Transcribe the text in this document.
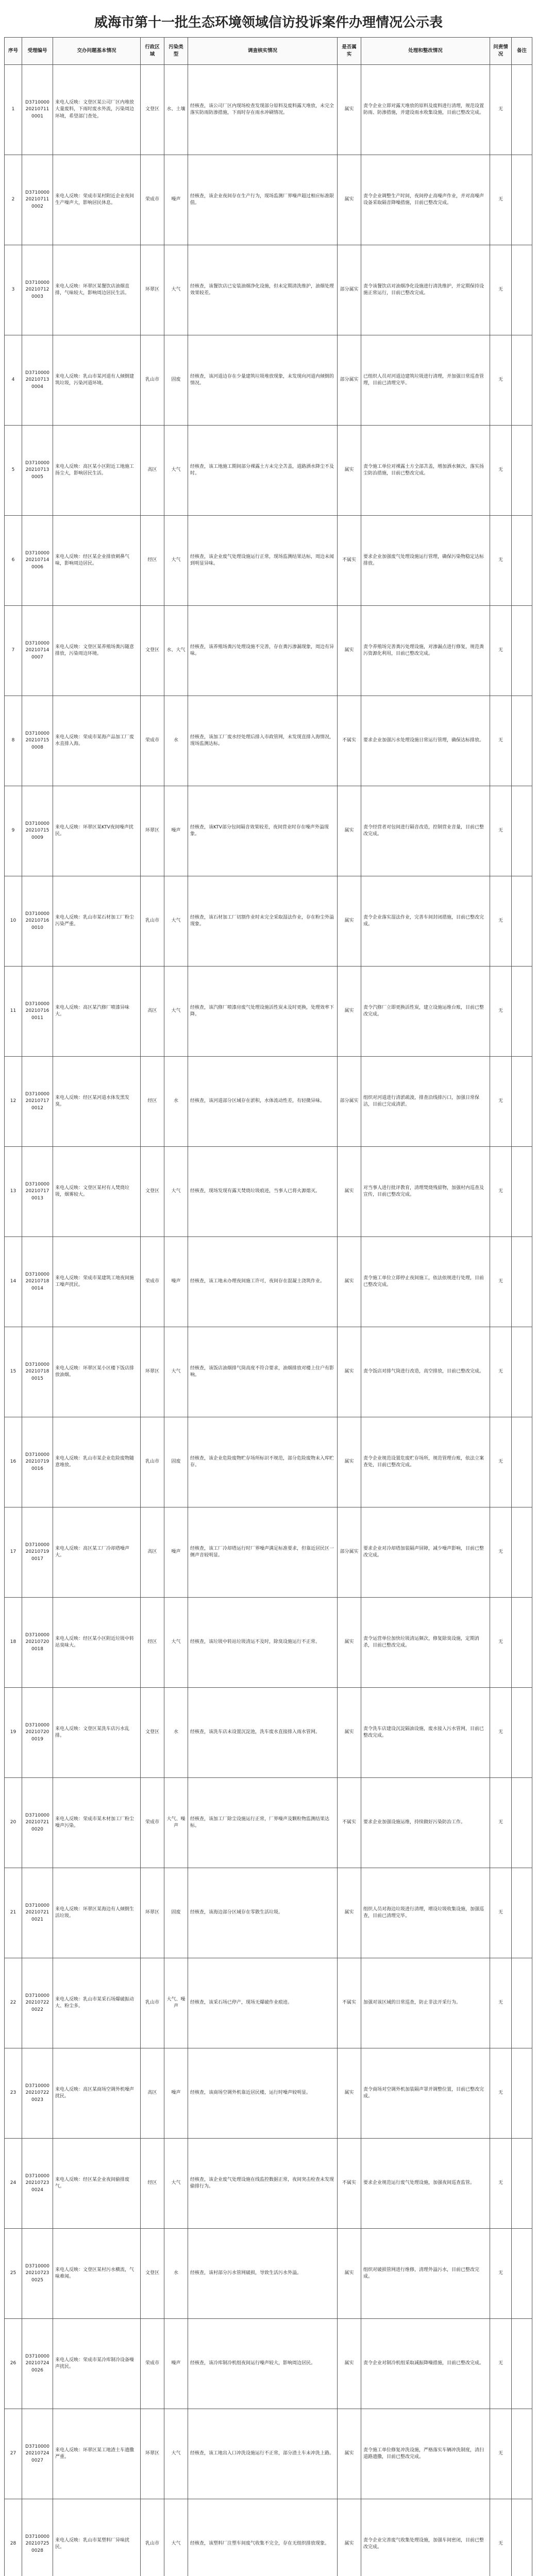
威海市第十一批生态环境领域信访投诉案件办理情况公示表
序号	受理编号	交办问题基本情况	行政区域	污染类型	调查核实情况	是否属实	处理和整改情况	问责情况	备注
1	D3710000202107110001	来电人反映：文登区某公司厂区内堆放大量废料，下雨时废水外流，污染周边环境，希望部门查处。	文登区	水、土壤	经核查，该公司厂区内现场检查发现部分原料及废料露天堆放，未完全落实防雨防渗措施，下雨时存在雨水冲刷情况。	属实	责令企业立即对露天堆放的原料及废料进行清理，规范设置防雨、防渗措施，并建设雨水收集设施，目前已整改完成。	无	
2	D3710000202107110002	来电人反映：荣成市某村附近企业夜间生产噪声大，影响居民休息。	荣成市	噪声	经核查，该企业夜间存在生产行为，现场监测厂界噪声超过相应标准限值。	属实	责令企业调整生产时间，夜间停止高噪声作业，并对高噪声设备采取隔音降噪措施，目前已整改完成。	无	
3	D3710000202107120003	来电人反映：环翠区某餐饮店油烟直排，气味较大，影响周边居民生活。	环翠区	大气	经核查，该餐饮店已安装油烟净化设施，但未定期清洗维护，油烟处理效果较差。	部分属实	责令该餐饮店对油烟净化设施进行清洗维护，并定期保持设施正常运行，目前已整改完成。	无	
4	D3710000202107130004	来电人反映：乳山市某河道有人倾倒建筑垃圾，污染河道环境。	乳山市	固废	经核查，该河道边存在少量建筑垃圾堆放现象，未发现向河道内倾倒的情况。	部分属实	已组织人员对河道边建筑垃圾进行清理，并加强日常巡查管理，目前已清理完毕。	无	
5	D3710000202107130005	来电人反映：高区某小区附近工地施工扬尘大，影响居民生活。	高区	大气	经核查，该工地施工期间部分裸露土方未完全苫盖，道路洒水降尘不及时。	属实	责令施工单位对裸露土方全部苫盖，增加洒水频次，落实扬尘防治措施，目前已整改完成。	无	
6	D3710000202107140006	来电人反映：经区某企业排放刺鼻气味，影响周边居民。	经区	大气	经核查，该企业废气处理设施运行正常，现场监测结果达标，周边未闻到明显异味。	不属实	要求企业加强废气处理设施运行管理，确保污染物稳定达标排放。	无	
7	D3710000202107140007	来电人反映：文登区某养殖场粪污随意排放，污染周边环境。	文登区	水、大气	经核查，该养殖场粪污处理设施不完善，存在粪污渗漏现象，周边有异味。	属实	责令养殖场完善粪污处理设施，对渗漏点进行修复，规范粪污资源化利用，目前已整改完成。	无	
8	D3710000202107150008	来电人反映：荣成市某海产品加工厂废水直排入海。	荣成市	水	经核查，该加工厂废水经处理后排入市政管网，未发现直排入海情况，现场监测达标。	不属实	要求企业加强污水处理设施日常运行管理，确保达标排放。	无	
9	D3710000202107150009	来电人反映：环翠区某KTV夜间噪声扰民。	环翠区	噪声	经核查，该KTV部分包间隔音效果较差，夜间营业时存在噪声外溢现象。	属实	责令经营者对包间进行隔音改造，控制营业音量，目前已整改完成。	无	
10	D3710000202107160010	来电人反映：乳山市某石材加工厂粉尘污染严重。	乳山市	大气	经核查，该石材加工厂切割作业时未完全采取湿法作业，存在粉尘外溢现象。	属实	责令企业落实湿法作业，完善车间封闭措施，目前已整改完成。	无	
11	D3710000202107160011	来电人反映：高区某汽修厂喷漆异味大。	高区	大气	经核查，该汽修厂喷漆房废气处理设施活性炭未及时更换，处理效率下降。	属实	责令汽修厂立即更换活性炭，建立设施运维台账，目前已整改完成。	无	
12	D3710000202107170012	来电人反映：经区某河道水体发黑发臭。	经区	水	经核查，该河道部分区域存在淤积，水体流动性差，有轻微异味。	部分属实	组织对河道进行清淤疏浚，排查沿线排污口，加强日常保洁，目前已完成清淤。	无	
13	D3710000202107170013	来电人反映：文登区某村有人焚烧垃圾，烟雾较大。	文登区	大气	经核查，现场发现有露天焚烧垃圾痕迹，当事人已将火源熄灭。	属实	对当事人进行批评教育，清理焚烧残留物，加强村内巡查及宣传，目前已整改完成。	无	
14	D3710000202107180014	来电人反映：荣成市某建筑工地夜间施工噪声扰民。	荣成市	噪声	经核查，该工地未办理夜间施工许可，夜间存在混凝土浇筑作业。	属实	责令施工单位立即停止夜间施工，依法依规进行处理，目前已整改完成。	无	
15	D3710000202107180015	来电人反映：环翠区某小区楼下饭店排放油烟。	环翠区	大气	经核查，该饭店油烟排气筒高度不符合要求，油烟排放对楼上住户有影响。	属实	责令饭店对排气筒进行改造，高空排放，目前已整改完成。	无	
16	D3710000202107190016	来电人反映：乳山市某企业危险废物随意堆放。	乳山市	固废	经核查，该企业危险废物贮存场所标识不规范，部分危险废物未入库贮存。	属实	责令企业规范设置危废贮存场所，规范管理台账，依法立案查处，目前已整改完成。	无	
17	D3710000202107190017	来电人反映：高区某工厂冷却塔噪声大。	高区	噪声	经核查，该工厂冷却塔运行时厂界噪声满足标准要求，但靠近居民区一侧声音较明显。	部分属实	要求企业对冷却塔加装隔声屏障，减少噪声影响，目前已整改完成。	无	
18	D3710000202107200018	来电人反映：经区某小区附近垃圾中转站臭味大。	经区	大气	经核查，该垃圾中转站垃圾清运不及时，除臭设施运行不正常。	属实	责令运营单位加快垃圾清运频次，修复除臭设施，定期消杀，目前已整改完成。	无	
19	D3710000202107200019	来电人反映：文登区某洗车店污水乱排。	文登区	水	经核查，该洗车店未设置沉淀池，洗车废水直接排入雨水管网。	属实	责令洗车店建设沉淀隔油设施，废水接入污水管网，目前已整改完成。	无	
20	D3710000202107210020	来电人反映：荣成市某木材加工厂粉尘噪声污染。	荣成市	大气、噪声	经核查，该加工厂除尘设施运行正常，厂界噪声及颗粒物监测结果达标。	不属实	要求企业加强设施运维，持续做好污染防治工作。	无	
21	D3710000202107210021	来电人反映：环翠区某海边有人倾倒生活垃圾。	环翠区	固废	经核查，该海边部分区域存在零散生活垃圾。	属实	组织人员对海边垃圾进行清理，增设垃圾收集设施，加强巡查，目前已清理完毕。	无	
22	D3710000202107220022	来电人反映：乳山市某采石场爆破振动大、粉尘多。	乳山市	大气、噪声	经核查，该采石场已停产，现场无爆破作业痕迹。	不属实	加强对该区域的日常巡查，防止非法开采行为。	无	
23	D3710000202107220023	来电人反映：高区某商场空调外机噪声扰民。	高区	噪声	经核查，该商场空调外机靠近居民楼，运行时噪声较明显。	属实	责令商场对空调外机加装隔声罩并调整位置，目前已整改完成。	无	
24	D3710000202107230024	来电人反映：经区某企业夜间偷排废气。	经区	大气	经核查，该企业废气处理设施在线监控数据正常，夜间突击检查未发现偷排行为。	不属实	要求企业规范运行废气处理设施，加强夜间巡查监管。	无	
25	D3710000202107230025	来电人反映：文登区某村污水横流，气味难闻。	文登区	水	经核查，该村部分污水管网破损，导致生活污水外溢。	属实	组织对破损管网进行维修，清理外溢污水，目前已整改完成。	无	
26	D3710000202107240026	来电人反映：荣成市某冷库制冷设备噪声扰民。	荣成市	噪声	经核查，该冷库制冷机组夜间运行噪声较大，影响周边居民。	属实	责令企业对制冷机组采取减振降噪措施，目前已整改完成。	无	
27	D3710000202107240027	来电人反映：环翠区某工地渣土车遗撒严重。	环翠区	大气	经核查，该工地出入口冲洗设施运行不正常，部分渣土车未冲洗上路。	属实	责令施工单位修复冲洗设施，严格落实车辆冲洗制度，清扫道路遗撒，目前已整改完成。	无	
28	D3710000202107250028	来电人反映：乳山市某塑料厂异味扰民。	乳山市	大气	经核查，该塑料厂注塑车间废气收集不完全，存在无组织排放现象。	属实	责令企业完善废气收集处理设施，加强车间密闭，目前已整改完成。	无	
